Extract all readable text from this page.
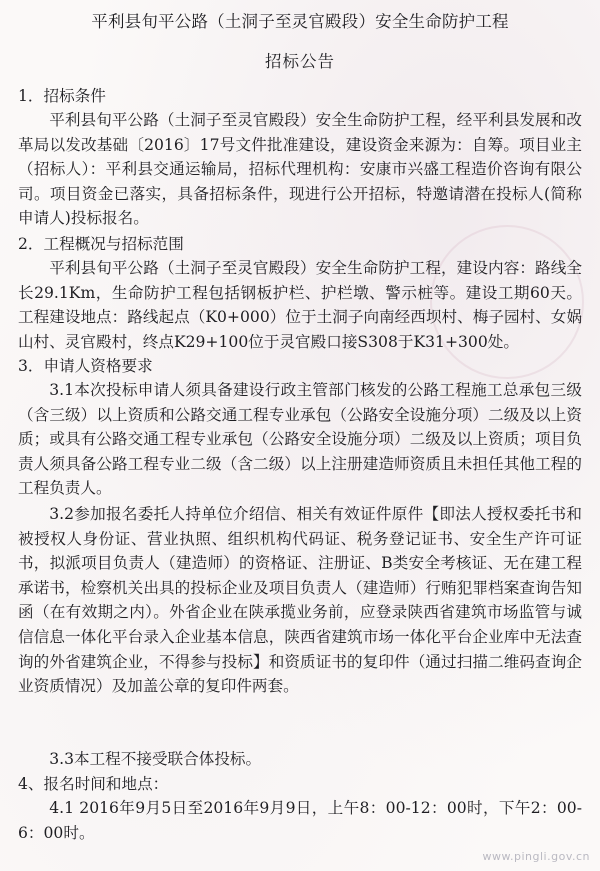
平利县旬平公路（土洞子至灵官殿段）安全生命防护工程
招标公告
1．招标条件
平利县旬平公路（土洞子至灵官殿段）安全生命防护工程，经平利县发展和改革局以发改基础〔2016〕17号文件批准建设，建设资金来源为：自筹。项目业主（招标人）：平利县交通运输局，招标代理机构：安康市兴盛工程造价咨询有限公司。项目资金已落实，具备招标条件，现进行公开招标，特邀请潜在投标人(简称申请人)投标报名。
2．工程概况与招标范围
平利县旬平公路（土洞子至灵官殿段）安全生命防护工程，建设内容：路线全长29.1Km，生命防护工程包括钢板护栏、护栏墩、警示桩等。建设工期60天。工程建设地点：路线起点（K0+000）位于土洞子向南经西坝村、梅子园村、女娲山村、灵官殿村，终点K29+100位于灵官殿口接S308于K31+300处。
3．申请人资格要求
3.1本次投标申请人须具备建设行政主管部门核发的公路工程施工总承包三级（含三级）以上资质和公路交通工程专业承包（公路安全设施分项）二级及以上资质；或具有公路交通工程专业承包（公路安全设施分项）二级及以上资质；项目负责人须具备公路工程专业二级（含二级）以上注册建造师资质且未担任其他工程的工程负责人。
3.2参加报名委托人持单位介绍信、相关有效证件原件【即法人授权委托书和被授权人身份证、营业执照、组织机构代码证、税务登记证书、安全生产许可证书，拟派项目负责人（建造师）的资格证、注册证、B类安全考核证、无在建工程承诺书，检察机关出具的投标企业及项目负责人（建造师）行贿犯罪档案查询告知函（在有效期之内）。外省企业在陕承揽业务前，应登录陕西省建筑市场监管与诚信信息一体化平台录入企业基本信息，陕西省建筑市场一体化平台企业库中无法查询的外省建筑企业，不得参与投标】和资质证书的复印件（通过扫描二维码查询企业资质情况）及加盖公章的复印件两套。
3.3本工程不接受联合体投标。
4、报名时间和地点：
4.1 2016年9月5日至2016年9月9日，上午8：00-12：00时，下午2：00-6：00时。
www.pingli.gov.cn
